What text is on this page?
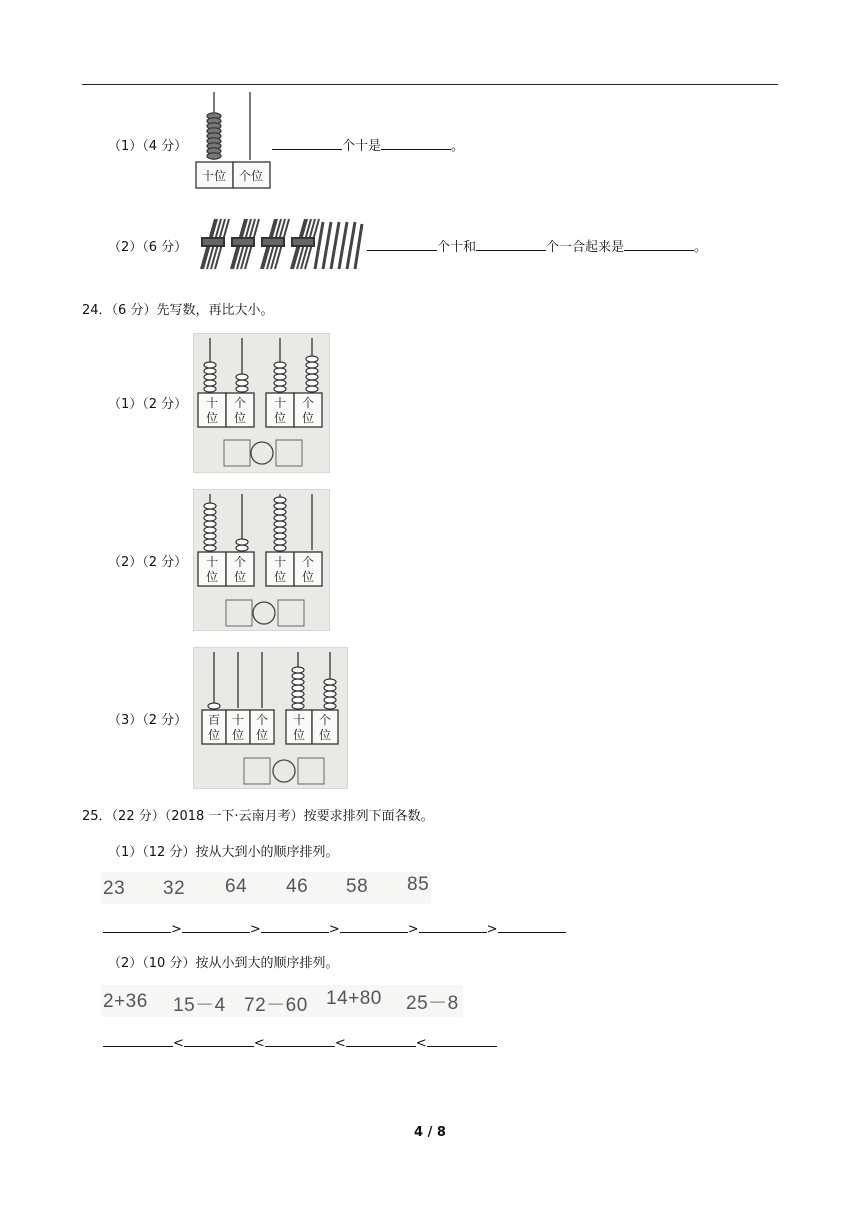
（1）（4 分）
十位 个位
个十是	。
（2）（6 分）	个十和	个一合起来是	。
24．（6 分）先写数，再比大小。
（1）（2 分） 十
位
个
位
十
位
个
位
（2）（2 分） 十
位
个
位
十
位
个
位
（3）（2 分） 百
位
十
位
个
位
十
位
个
位
25．（22 分）（2018 一下·云南月考）按要求排列下面各数。
（1）（12 分）按从大到小的顺序排列。
23 32 64 46 58 85
>	>	>	>	>
（2）（10 分）按从小到大的顺序排列。
2+36 15－4 72－60 14+80 25－8
<	<	<	<
4 / 8
